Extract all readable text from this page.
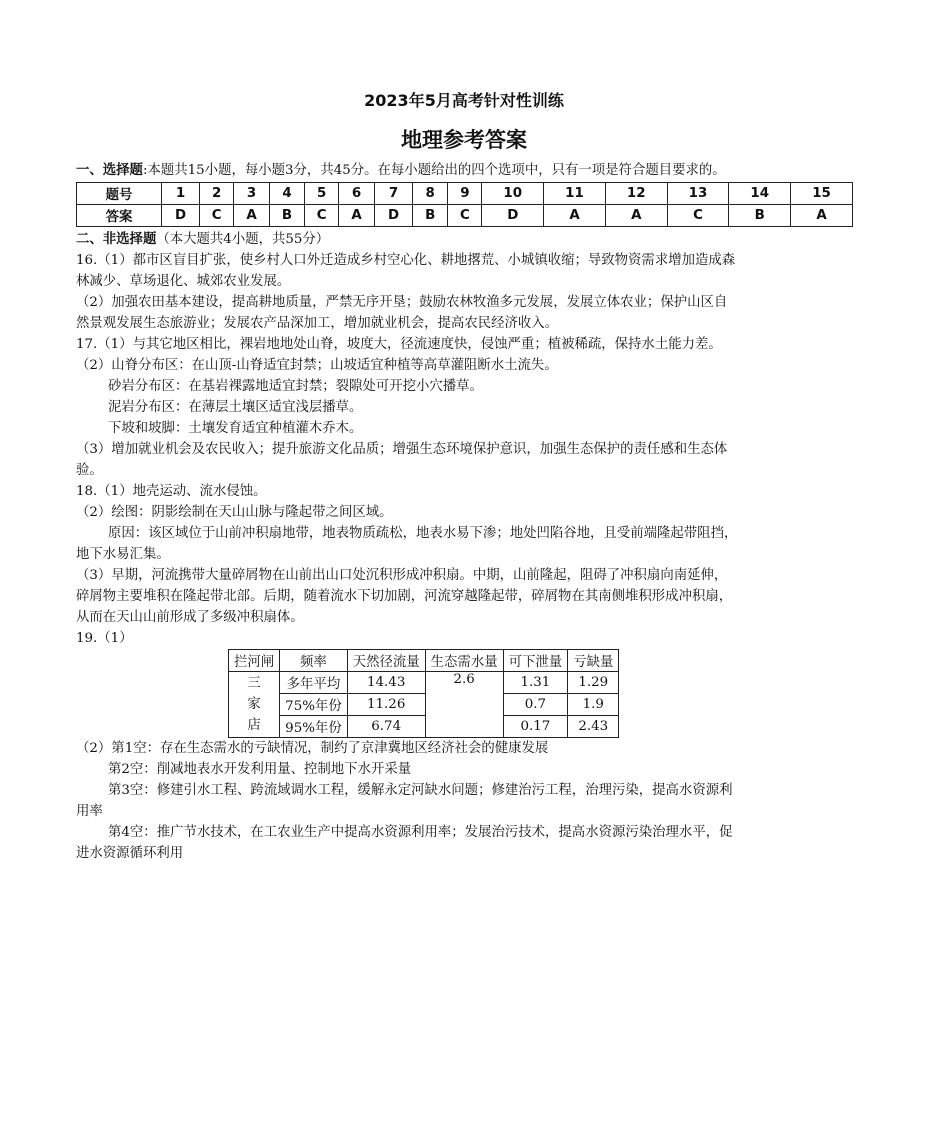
2023年5月高考针对性训练
地理参考答案

一、选择题:本题共15小题，每小题3分，共45分。在每小题给出的四个选项中，只有一项是符合题目要求的。

题号	1	2	3	4	5	6	7	8	9	10	11	12	13	14	15
答案	D	C	A	B	C	A	D	B	C	D	A	A	C	B	A

二、非选择题（本大题共4小题，共55分）

16.（1）都市区盲目扩张，使乡村人口外迁造成乡村空心化、耕地撂荒、小城镇收缩；导致物资需求增加造成森

林减少、草场退化、城郊农业发展。

（2）加强农田基本建设，提高耕地质量，严禁无序开垦；鼓励农林牧渔多元发展，发展立体农业；保护山区自

然景观发展生态旅游业；发展农产品深加工，增加就业机会，提高农民经济收入。

17.（1）与其它地区相比，裸岩地地处山脊，坡度大，径流速度快，侵蚀严重；植被稀疏，保持水土能力差。

（2）山脊分布区：在山顶-山脊适宜封禁；山坡适宜种植等高草灌阻断水土流失。

砂岩分布区：在基岩裸露地适宜封禁；裂隙处可开挖小穴播草。

泥岩分布区：在薄层土壤区适宜浅层播草。

下坡和坡脚：土壤发育适宜种植灌木乔木。

（3）增加就业机会及农民收入；提升旅游文化品质；增强生态环境保护意识，加强生态保护的责任感和生态体

验。

18.（1）地壳运动、流水侵蚀。

（2）绘图：阴影绘制在天山山脉与隆起带之间区域。

原因：该区域位于山前冲积扇地带，地表物质疏松，地表水易下渗；地处凹陷谷地，且受前端隆起带阻挡，

地下水易汇集。

（3）早期，河流携带大量碎屑物在山前出山口处沉积形成冲积扇。中期，山前隆起，阻碍了冲积扇向南延伸，

碎屑物主要堆积在隆起带北部。后期，随着流水下切加剧，河流穿越隆起带，碎屑物在其南侧堆积形成冲积扇，

从而在天山山前形成了多级冲积扇体。

19.（1）

拦河闸	频率	天然径流量	生态需水量	可下泄量	亏缺量

三
家
店	多年平均	14.43	2.6	1.31	1.29
	75%年份	11.26		0.7	1.9
	95%年份	6.74		0.17	2.43

（2）第1空：存在生态需水的亏缺情况，制约了京津冀地区经济社会的健康发展

第2空：削减地表水开发利用量、控制地下水开采量

第3空：修建引水工程、跨流域调水工程，缓解永定河缺水问题；修建治污工程，治理污染，提高水资源利

用率

第4空：推广节水技术，在工农业生产中提高水资源利用率；发展治污技术，提高水资源污染治理水平，促

进水资源循环利用
